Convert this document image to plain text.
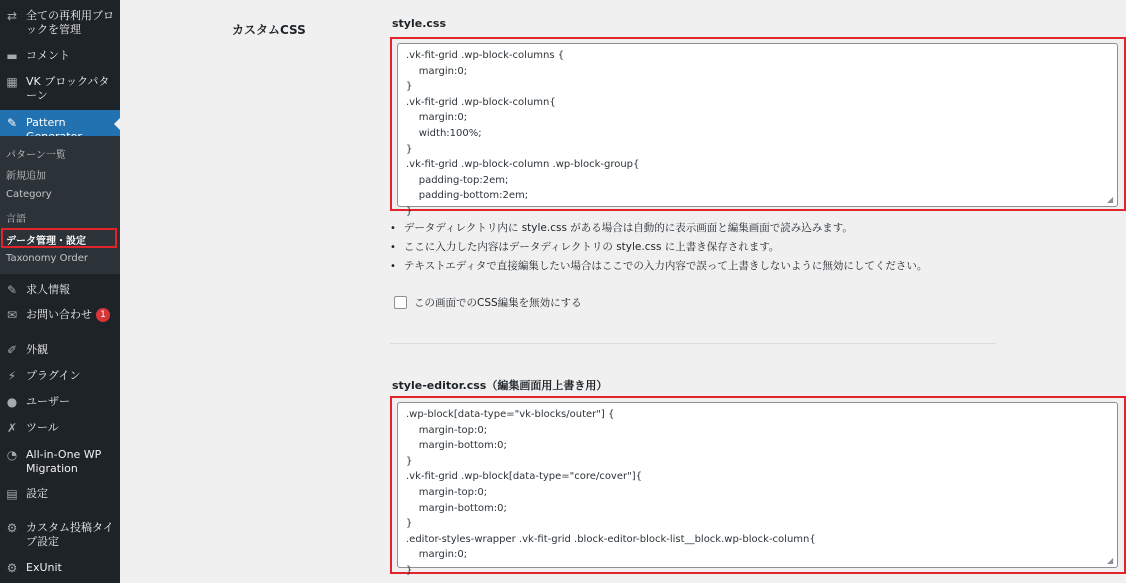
⇄ 全ての再利用ブロックを管理
▬ コメント
▦ VK ブロックパターン
✎ Pattern
パターン一覧
新規追加
Category
言語
データ管理・設定
Taxonomy Order
✎ 求人情報
✉ お問い合わせ 1
✐ 外観
⚡ プラグイン
● ユーザー
✗ ツール
◔ All-in-One WP Migration
▤ 設定
⚙ カスタム投稿タイプ設定
⚙ ExUnit
カスタムCSS	style.css
.vk-fit-grid .wp-block-columns {
margin:0;
}
.vk-fit-grid .wp-block-column{
margin:0;
width:100%;
}
.vk-fit-grid .wp-block-column .wp-block-group{
padding-top:2em;
padding-bottom:2em;
}
◢
• データディレクトリ内に style.css がある場合は自動的に表示画面と編集画面で読み込みます。
• ここに入力した内容はデータディレクトリの style.css に上書き保存されます。
• テキストエディタで直接編集したい場合はここでの入力内容で誤って上書きしないように無効にしてください。
この画面でのCSS編集を無効にする
style-editor.css（編集画面用上書き用）
.wp-block[data-type="vk-blocks/outer"] {
margin-top:0;
margin-bottom:0;
}
.vk-fit-grid .wp-block[data-type="core/cover"]{
margin-top:0;
margin-bottom:0;
}
.editor-styles-wrapper .vk-fit-grid .block-editor-block-list__block.wp-block-column{
margin:0;
}
◢
